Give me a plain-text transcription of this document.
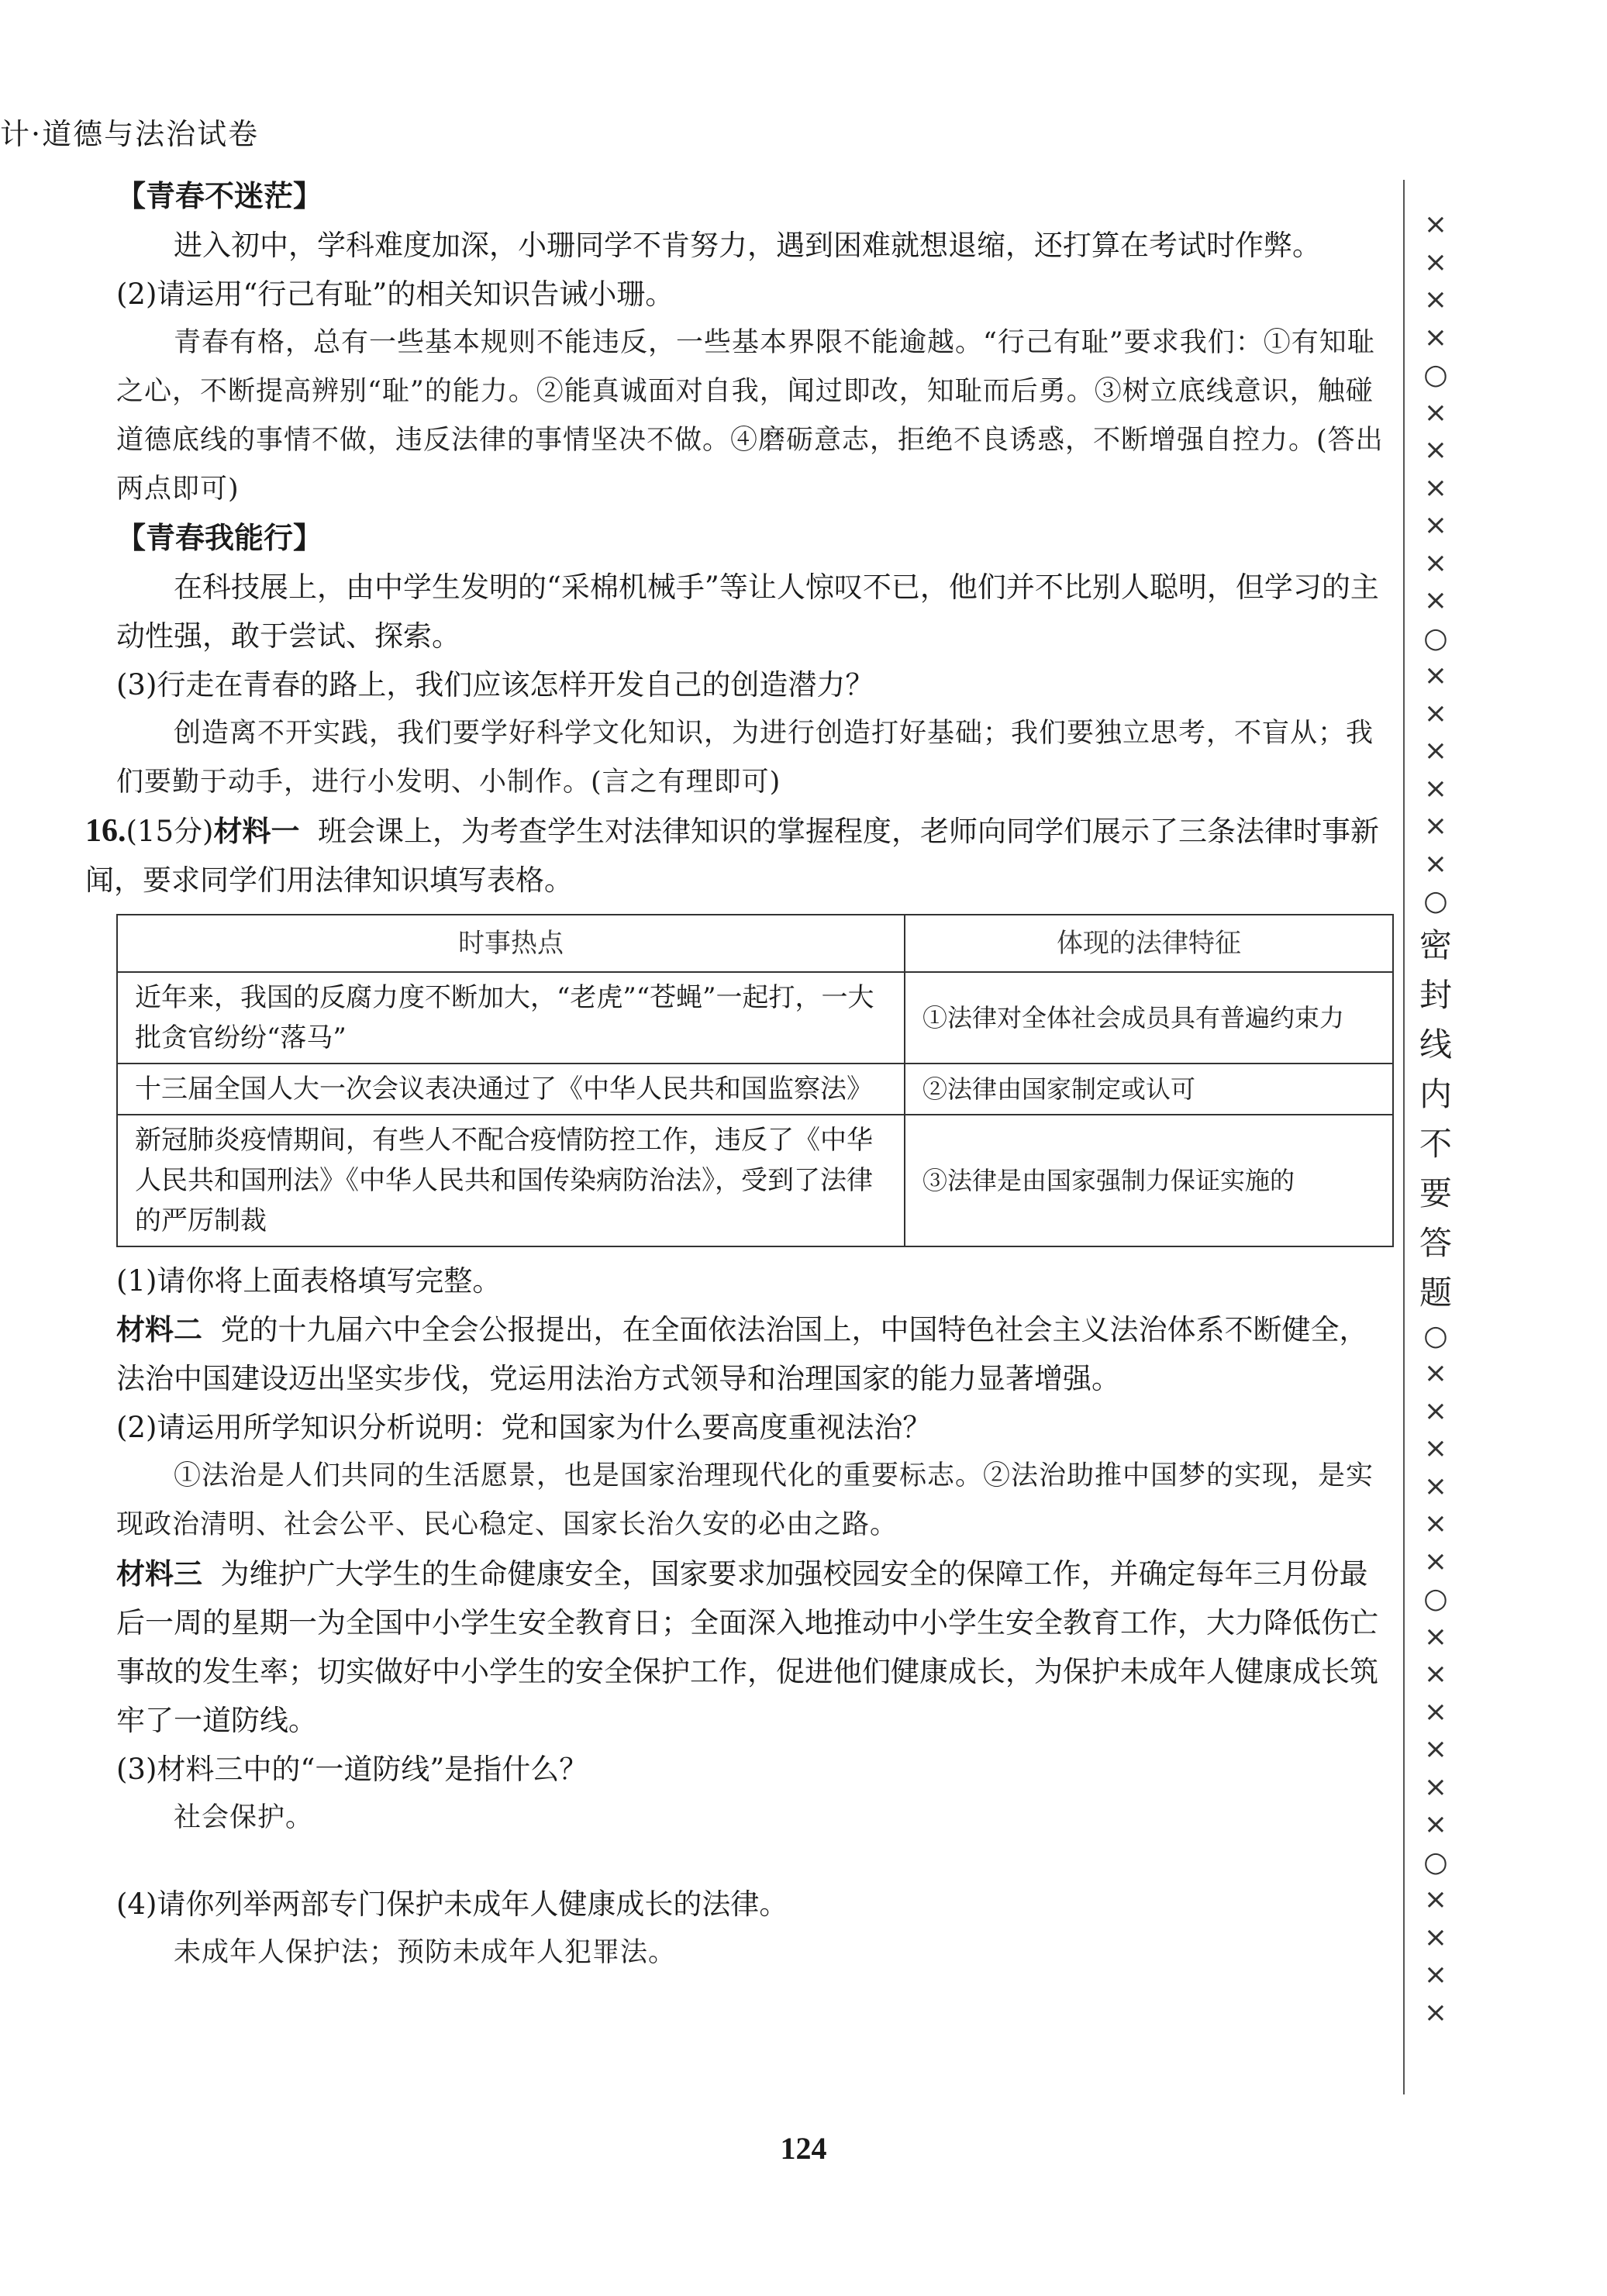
计·道德与法治试卷

【青春不迷茫】

进入初中，学科难度加深，小珊同学不肯努力，遇到困难就想退缩，还打算在考试时作弊。

(2)请运用“行己有耻”的相关知识告诫小珊。

青春有格，总有一些基本规则不能违反，一些基本界限不能逾越。“行己有耻”要求我们：①有知耻之心，不断提高辨别“耻”的能力。②能真诚面对自我，闻过即改，知耻而后勇。③树立底线意识，触碰道德底线的事情不做，违反法律的事情坚决不做。④磨砺意志，拒绝不良诱惑，不断增强自控力。(答出两点即可)

【青春我能行】

在科技展上，由中学生发明的“采棉机械手”等让人惊叹不已，他们并不比别人聪明，但学习的主动性强，敢于尝试、探索。

(3)行走在青春的路上，我们应该怎样开发自己的创造潜力？

创造离不开实践，我们要学好科学文化知识，为进行创造打好基础；我们要独立思考，不盲从；我们要勤于动手，进行小发明、小制作。(言之有理即可)

16.(15分)材料一 班会课上，为考查学生对法律知识的掌握程度，老师向同学们展示了三条法律时事新闻，要求同学们用法律知识填写表格。

时事热点	体现的法律特征
近年来，我国的反腐力度不断加大，“老虎”“苍蝇”一起打，一大批贪官纷纷“落马”	①法律对全体社会成员具有普遍约束力
十三届全国人大一次会议表决通过了《中华人民共和国监察法》	②法律由国家制定或认可
新冠肺炎疫情期间，有些人不配合疫情防控工作，违反了《中华人民共和国刑法》《中华人民共和国传染病防治法》，受到了法律的严厉制裁	③法律是由国家强制力保证实施的

(1)请你将上面表格填写完整。

材料二 党的十九届六中全会公报提出，在全面依法治国上，中国特色社会主义法治体系不断健全，法治中国建设迈出坚实步伐，党运用法治方式领导和治理国家的能力显著增强。

(2)请运用所学知识分析说明：党和国家为什么要高度重视法治？

①法治是人们共同的生活愿景，也是国家治理现代化的重要标志。②法治助推中国梦的实现，是实现政治清明、社会公平、民心稳定、国家长治久安的必由之路。

材料三 为维护广大学生的生命健康安全，国家要求加强校园安全的保障工作，并确定每年三月份最后一周的星期一为全国中小学生安全教育日；全面深入地推动中小学生安全教育工作，大力降低伤亡事故的发生率；切实做好中小学生的安全保护工作，促进他们健康成长，为保护未成年人健康成长筑牢了一道防线。

(3)材料三中的“一道防线”是指什么？

社会保护。

(4)请你列举两部专门保护未成年人健康成长的法律。

未成年人保护法；预防未成年人犯罪法。

×
×
×
×
○
×
×
×
×
×
×
○
×
×
×
×
×
×
○
密
封
线
内
不
要
答
题
○
×
×
×
×
×
×
○
×
×
×
×
×
×
○
×
×
×
×
124
